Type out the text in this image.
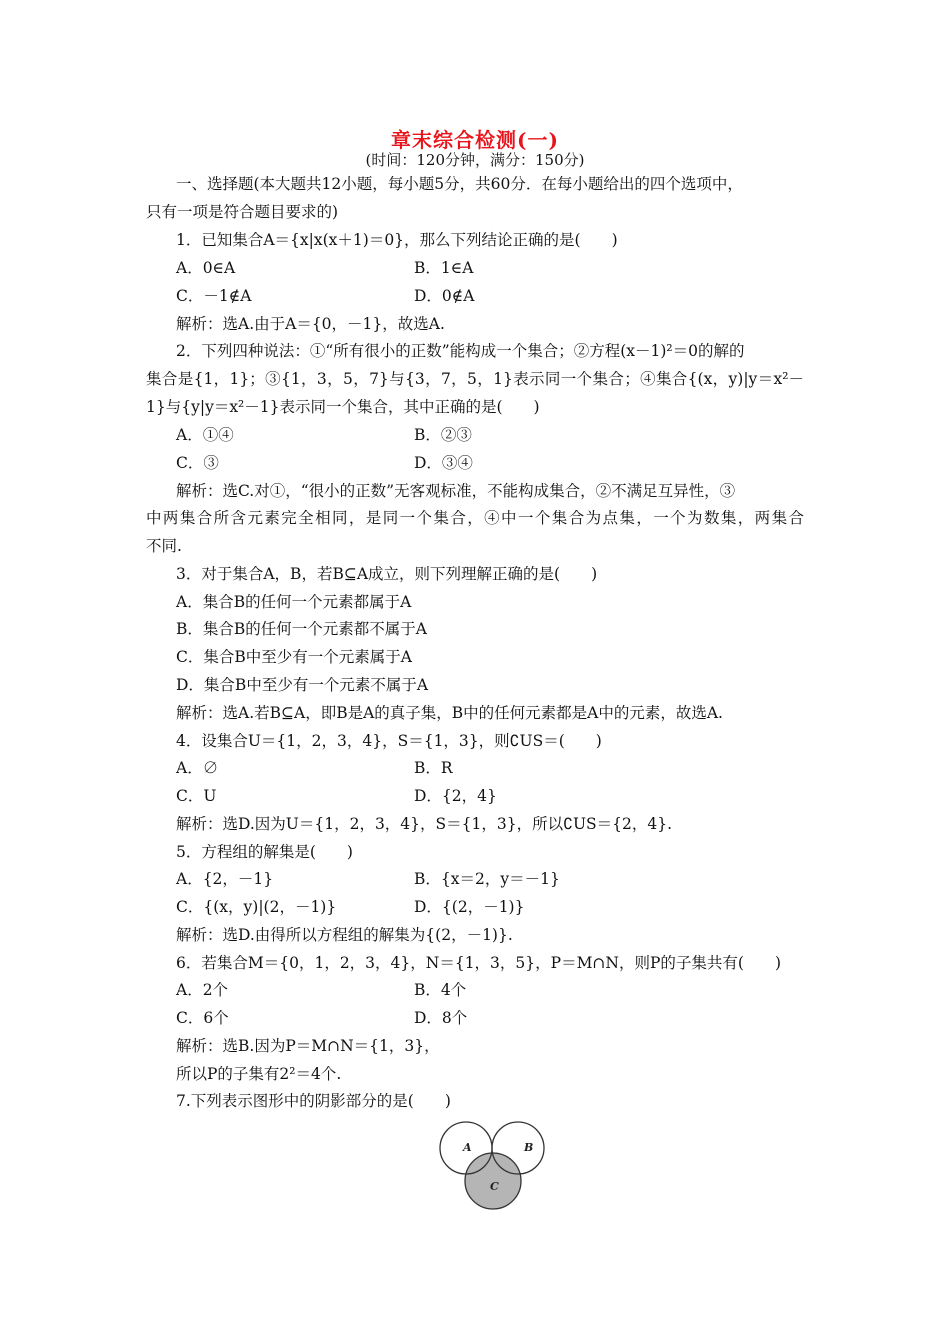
章末综合检测(一)
(时间：120分钟，满分：150分)
一、选择题(本大题共12小题，每小题5分，共60分．在每小题给出的四个选项中，
只有一项是符合题目要求的)
1．已知集合A＝{x|x(x＋1)＝0}，那么下列结论正确的是(　　)
A．0∈A	B．1∈A
C．－1∉A	D．0∉A
解析：选A.由于A＝{0，－1}，故选A.
2．下列四种说法：①“所有很小的正数”能构成一个集合；②方程(x－1)²＝0的解的
集合是{1，1}；③{1，3，5，7}与{3，7，5，1}表示同一个集合；④集合{(x，y)|y＝x²－
1}与{y|y＝x²－1}表示同一个集合，其中正确的是(　　)
A．①④	B．②③
C．③	D．③④
解析：选C.对①，“很小的正数”无客观标准，不能构成集合，②不满足互异性，③
中两集合所含元素完全相同，是同一个集合，④中一个集合为点集，一个为数集，两集合
不同.
3．对于集合A，B，若B⊆A成立，则下列理解正确的是(　　)
A．集合B的任何一个元素都属于A
B．集合B的任何一个元素都不属于A
C．集合B中至少有一个元素属于A
D．集合B中至少有一个元素不属于A
解析：选A.若B⊆A，即B是A的真子集，B中的任何元素都是A中的元素，故选A.
4．设集合U＝{1，2，3，4}，S＝{1，3}，则∁US＝(　　)
A．∅	B．R
C．U	D．{2，4}
解析：选D.因为U＝{1，2，3，4}，S＝{1，3}，所以∁US＝{2，4}.
5．方程组的解集是(　　)
A．{2，－1}	B．{x＝2，y＝－1}
C．{(x，y)|(2，－1)}	D．{(2，－1)}
解析：选D.由得所以方程组的解集为{(2，－1)}.
6．若集合M＝{0，1，2，3，4}，N＝{1，3，5}，P＝M∩N，则P的子集共有(　　)
A．2个	B．4个
C．6个	D．8个
解析：选B.因为P＝M∩N＝{1，3}，
所以P的子集有2²＝4个.
7.下列表示图形中的阴影部分的是(　　)
A	B
C
